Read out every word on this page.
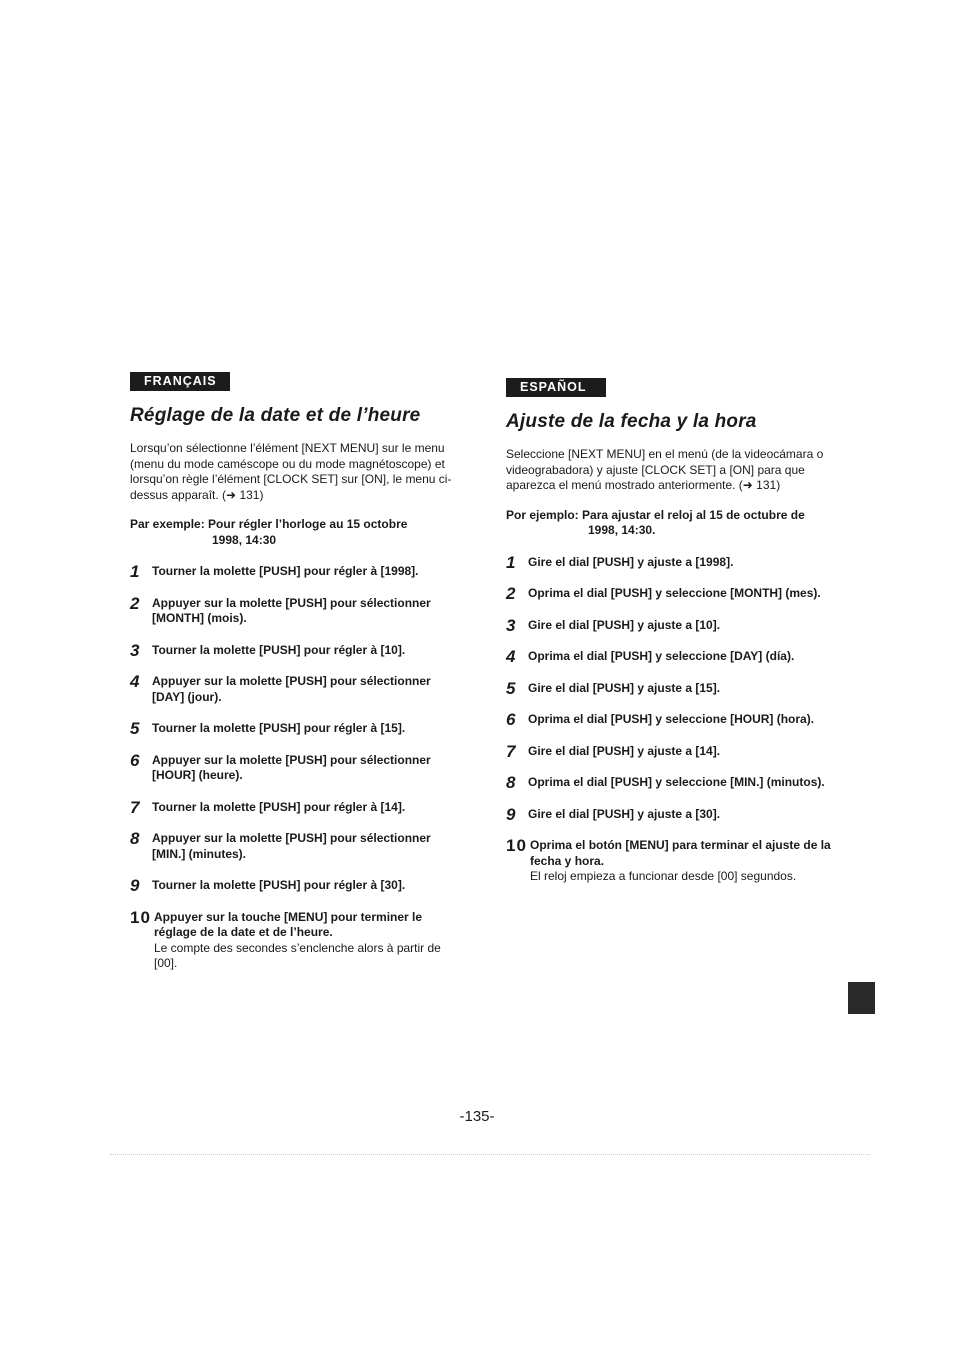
FRANÇAIS
Réglage de la date et de l’heure

Lorsqu’on sélectionne l’élément [NEXT MENU] sur le menu (menu du mode caméscope ou du mode magnétoscope) et lorsqu’on règle l’élément [CLOCK SET] sur [ON], le menu ci-dessus apparaît. (➜ 131)

Par exemple: Pour régler l’horloge au 15 octobre
1998, 14:30
1	Tourner la molette [PUSH] pour régler à [1998].
2	Appuyer sur la molette [PUSH] pour sélectionner [MONTH] (mois).
3	Tourner la molette [PUSH] pour régler à [10].
4	Appuyer sur la molette [PUSH] pour sélectionner [DAY] (jour).
5	Tourner la molette [PUSH] pour régler à [15].
6	Appuyer sur la molette [PUSH] pour sélectionner [HOUR] (heure).
7	Tourner la molette [PUSH] pour régler à [14].
8	Appuyer sur la molette [PUSH] pour sélectionner [MIN.] (minutes).
9	Tourner la molette [PUSH] pour régler à [30].
10 Appuyer sur la touche [MENU] pour terminer le réglage de la date et de l’heure.
Le compte des secondes s’enclenche alors à partir de [00].
ESPAÑOL
Ajuste de la fecha y la hora

Seleccione [NEXT MENU] en el menú (de la videocámara o videograbadora) y ajuste [CLOCK SET] a [ON] para que aparezca el menú mostrado anteriormente. (➜ 131)

Por ejemplo: Para ajustar el reloj al 15 de octubre de
1998, 14:30.
1	Gire el dial [PUSH] y ajuste a [1998].
2	Oprima el dial [PUSH] y seleccione [MONTH] (mes).
3	Gire el dial [PUSH] y ajuste a [10].
4	Oprima el dial [PUSH] y seleccione [DAY] (día).
5	Gire el dial [PUSH] y ajuste a [15].
6	Oprima el dial [PUSH] y seleccione [HOUR] (hora).
7	Gire el dial [PUSH] y ajuste a [14].
8	Oprima el dial [PUSH] y seleccione [MIN.] (minutos).
9	Gire el dial [PUSH] y ajuste a [30].
10 Oprima el botón [MENU] para terminar el ajuste de la fecha y hora.
El reloj empieza a funcionar desde [00] segundos.
-135-
